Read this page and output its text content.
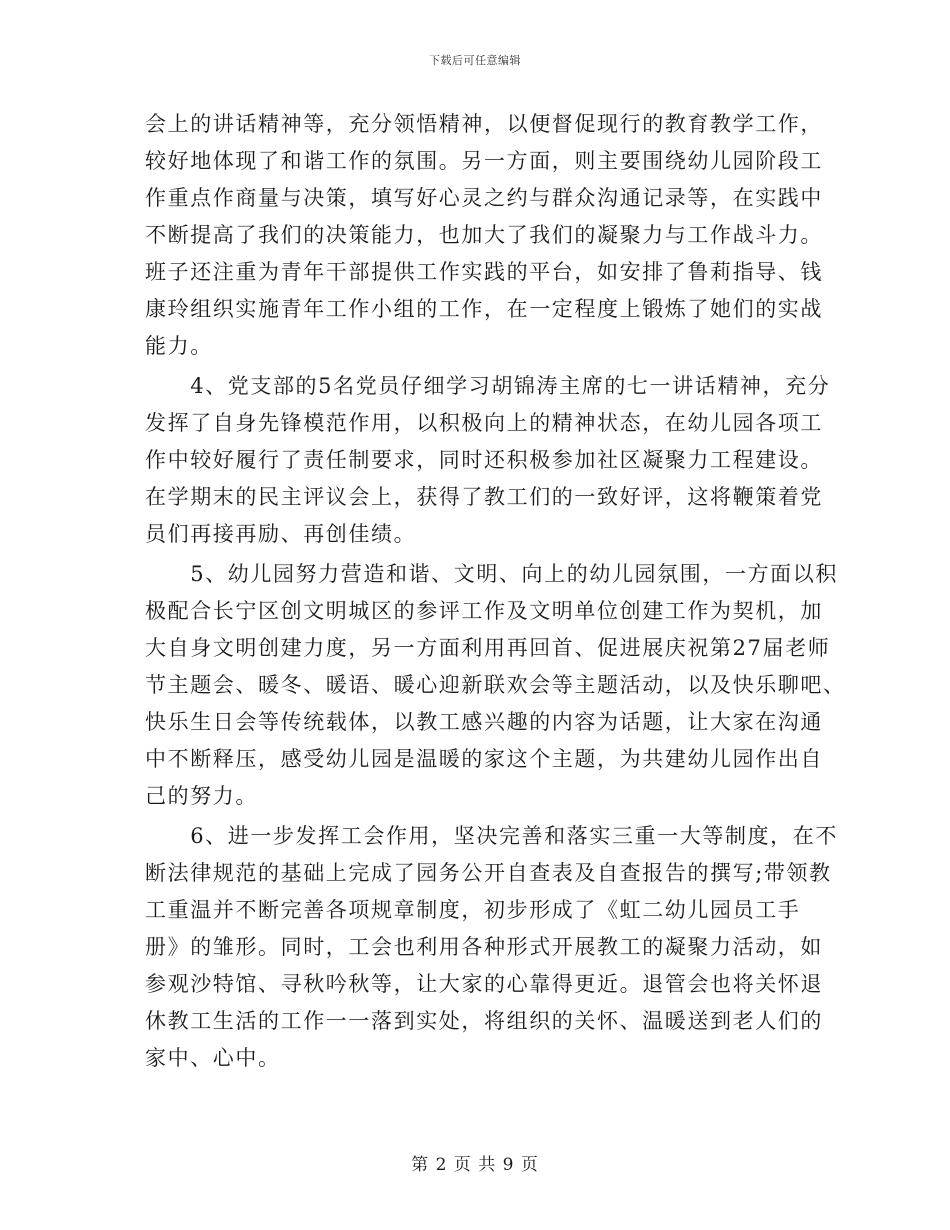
下载后可任意编辑
会上的讲话精神等，充分领悟精神，以便督促现行的教育教学工作，
较好地体现了和谐工作的氛围。另一方面，则主要围绕幼儿园阶段工
作重点作商量与决策，填写好心灵之约与群众沟通记录等，在实践中
不断提高了我们的决策能力，也加大了我们的凝聚力与工作战斗力。
班子还注重为青年干部提供工作实践的平台，如安排了鲁莉指导、钱
康玲组织实施青年工作小组的工作，在一定程度上锻炼了她们的实战
能力。
　　4、党支部的5名党员仔细学习胡锦涛主席的七一讲话精神，充分
发挥了自身先锋模范作用，以积极向上的精神状态，在幼儿园各项工
作中较好履行了责任制要求，同时还积极参加社区凝聚力工程建设。
在学期末的民主评议会上，获得了教工们的一致好评，这将鞭策着党
员们再接再励、再创佳绩。
　　5、幼儿园努力营造和谐、文明、向上的幼儿园氛围，一方面以积
极配合长宁区创文明城区的参评工作及文明单位创建工作为契机，加
大自身文明创建力度，另一方面利用再回首、促进展庆祝第27届老师
节主题会、暖冬、暖语、暖心迎新联欢会等主题活动，以及快乐聊吧、
快乐生日会等传统载体，以教工感兴趣的内容为话题，让大家在沟通
中不断释压，感受幼儿园是温暖的家这个主题，为共建幼儿园作出自
己的努力。
　　6、进一步发挥工会作用，坚决完善和落实三重一大等制度，在不
断法律规范的基础上完成了园务公开自查表及自查报告的撰写;带领教
工重温并不断完善各项规章制度，初步形成了《虹二幼儿园员工手
册》的雏形。同时，工会也利用各种形式开展教工的凝聚力活动，如
参观沙特馆、寻秋吟秋等，让大家的心靠得更近。退管会也将关怀退
休教工生活的工作一一落到实处，将组织的关怀、温暖送到老人们的
家中、心中。
第 2 页 共 9 页
